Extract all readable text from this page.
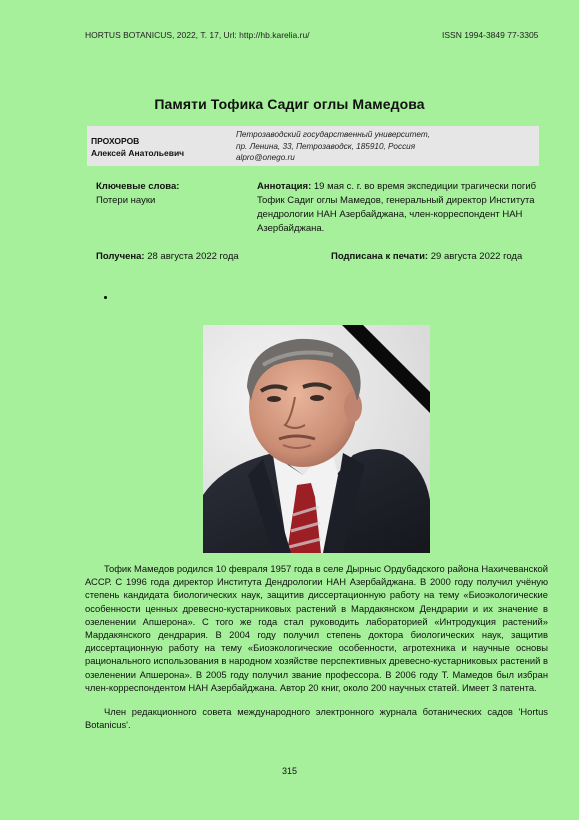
HORTUS BOTANICUS, 2022, Т. 17, Url: http://hb.karelia.ru/	ISSN 1994-3849 77-3305
Памяти Тофика Садиг оглы Мамедова
ПРОХОРОВ
Алексей Анатольевич
Петрозаводский государственный университет,
пр. Ленина, 33, Петрозаводск, 185910, Россия
alpro@onego.ru
Ключевые слова:
Потери науки
Аннотация: 19 мая с. г. во время экспедиции трагически погиб Тофик Садиг оглы Мамедов, генеральный директор Института дендрологии НАН Азербайджана, член-корреспондент НАН Азербайджана.
Получена: 28 августа 2022 года	Подписана к печати: 29 августа 2022 года

Тофик Мамедов родился 10 февраля 1957 года в селе Дырныс Ордубадского района Нахичеванской АССР. С 1996 года директор Института Дендрологии НАН Азербайджана. В 2000 году получил учёную степень кандидата биологических наук, защитив диссертационную работу на тему «Биоэкологические особенности ценных древесно-кустарниковых растений в Мардакянском Дендрарии и их значение в озеленении Апшерона». С того же года стал руководить лабораторией «Интродукция растений» Мардакянского дендрария. В 2004 году получил степень доктора биологических наук, защитив диссертационную работу на тему «Биоэкологические особенности, агротехника и научные основы рационального использования в народном хозяйстве перспективных древесно-кустарниковых растений в озеленении Апшерона». В 2005 году получил звание профессора. В 2006 году Т. Мамедов был избран член-корреспондентом НАН Азербайджана. Автор 20 книг, около 200 научных статей. Имеет 3 патента.

Член редакционного совета международного электронного журнала ботанических садов 'Hortus Botanicus'.

315
